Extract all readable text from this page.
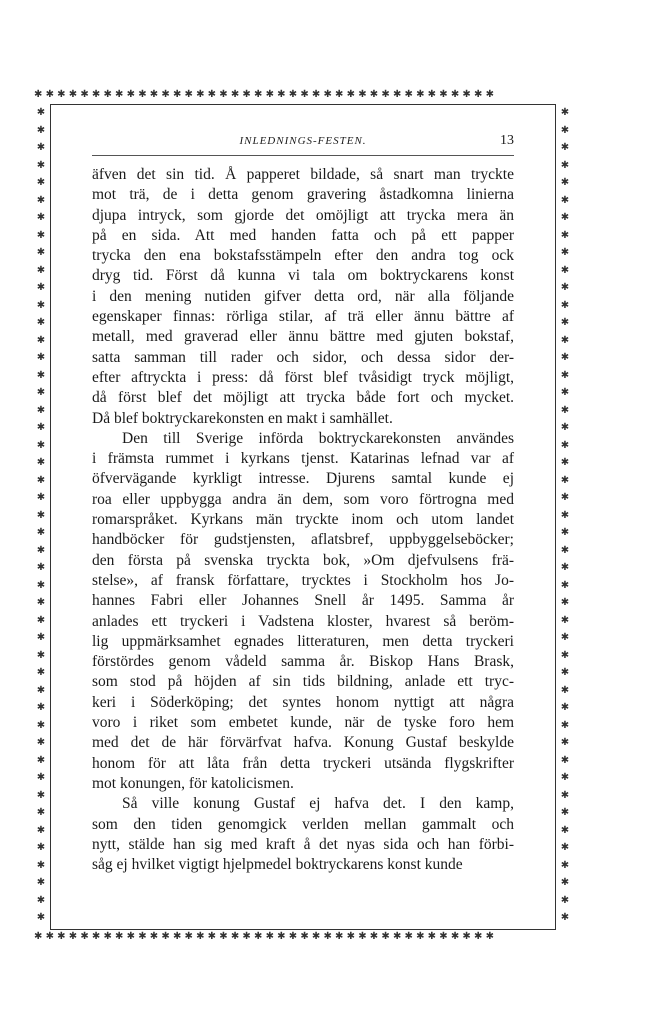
✱✱✱✱✱✱✱✱✱✱✱✱✱✱✱✱✱✱✱✱✱✱✱✱✱✱✱✱✱✱✱✱✱✱✱✱✱✱✱✱
✱✱✱✱✱✱✱✱✱✱✱✱✱✱✱✱✱✱✱✱✱✱✱✱✱✱✱✱✱✱✱✱✱✱✱✱✱✱✱✱
✱
✱
✱
✱
✱
✱
✱
✱
✱
✱
✱
✱
✱
✱
✱
✱
✱
✱
✱
✱
✱
✱
✱
✱
✱
✱
✱
✱
✱
✱
✱
✱
✱
✱
✱
✱
✱
✱
✱
✱
✱
✱
✱
✱
✱
✱
✱

✱
✱
✱
✱
✱
✱
✱
✱
✱
✱
✱
✱
✱
✱
✱
✱
✱
✱
✱
✱
✱
✱
✱
✱
✱
✱
✱
✱
✱
✱
✱
✱
✱
✱
✱
✱
✱
✱
✱
✱
✱
✱
✱
✱
✱
✱
✱

INLEDNINGS-FESTEN.	13
äfven det sin tid. Å papperet bildade, så snart man tryckte
mot trä, de i detta genom gravering åstadkomna linierna
djupa intryck, som gjorde det omöjligt att trycka mera än
på en sida. Att med handen fatta och på ett papper
trycka den ena bokstafsstämpeln efter den andra tog ock
dryg tid. Först då kunna vi tala om boktryckarens konst
i den mening nutiden gifver detta ord, när alla följande
egenskaper finnas: rörliga stilar, af trä eller ännu bättre af
metall, med graverad eller ännu bättre med gjuten bokstaf,
satta samman till rader och sidor, och dessa sidor der-
efter aftryckta i press: då först blef tvåsidigt tryck möjligt,
då först blef det möjligt att trycka både fort och mycket.
Då blef boktryckarekonsten en makt i samhället.
Den till Sverige införda boktryckarekonsten användes
i främsta rummet i kyrkans tjenst. Katarinas lefnad var af
öfvervägande kyrkligt intresse. Djurens samtal kunde ej
roa eller uppbygga andra än dem, som voro förtrogna med
romarspråket. Kyrkans män tryckte inom och utom landet
handböcker för gudstjensten, aflatsbref, uppbyggelseböcker;
den första på svenska tryckta bok, »Om djefvulsens frä-
stelse», af fransk författare, trycktes i Stockholm hos Jo-
hannes Fabri eller Johannes Snell år 1495. Samma år
anlades ett tryckeri i Vadstena kloster, hvarest så beröm-
lig uppmärksamhet egnades litteraturen, men detta tryckeri
förstördes genom vådeld samma år. Biskop Hans Brask,
som stod på höjden af sin tids bildning, anlade ett tryc-
keri i Söderköping; det syntes honom nyttigt att några
voro i riket som embetet kunde, när de tyske foro hem
med det de här förvärfvat hafva. Konung Gustaf beskylde
honom för att låta från detta tryckeri utsända flygskrifter
mot konungen, för katolicismen.
Så ville konung Gustaf ej hafva det. I den kamp,
som den tiden genomgick verlden mellan gammalt och
nytt, stälde han sig med kraft å det nyas sida och han förbi-
såg ej hvilket vigtigt hjelpmedel boktryckarens konst kunde
